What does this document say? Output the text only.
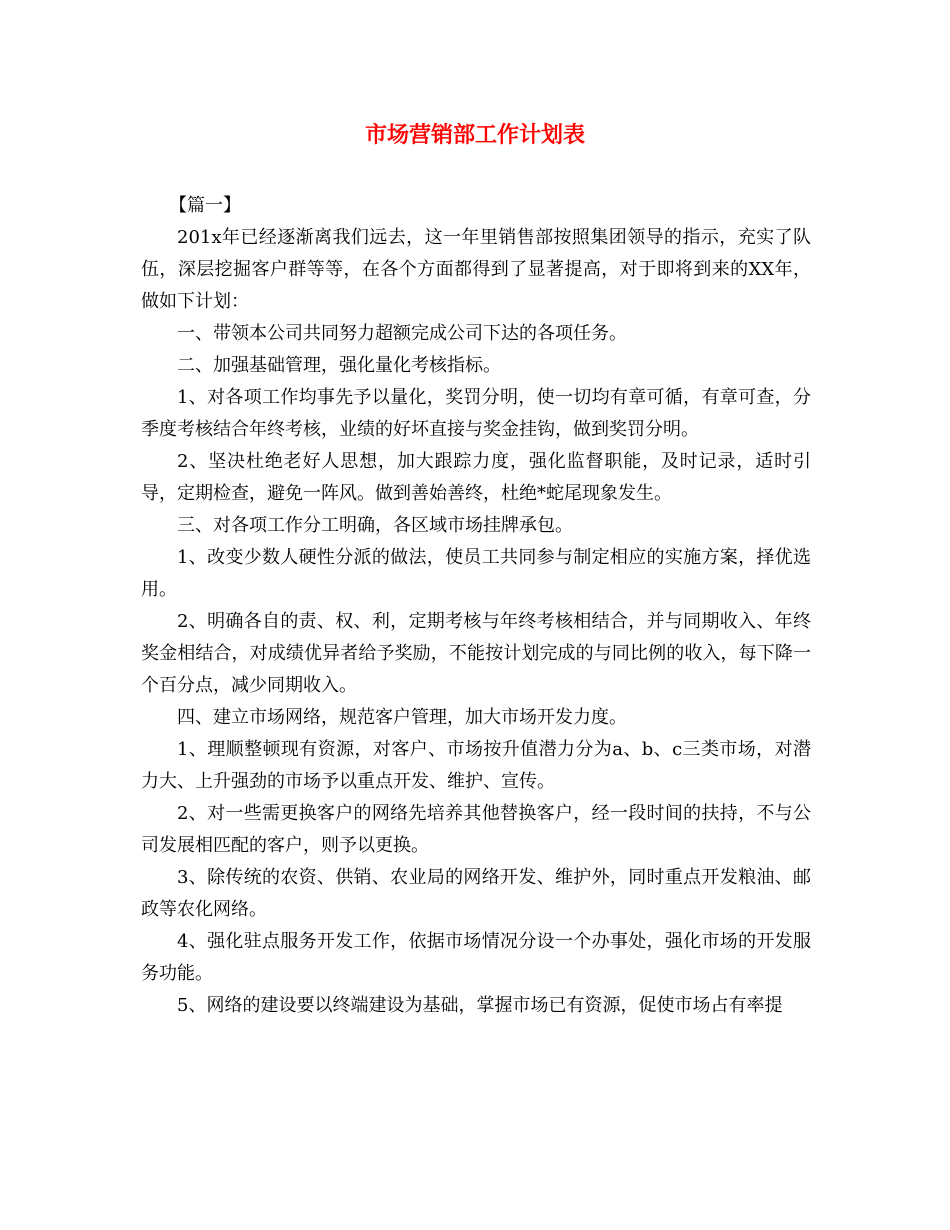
市场营销部工作计划表

【篇一】

201x年已经逐渐离我们远去，这一年里销售部按照集团领导的指示，充实了队伍，深层挖掘客户群等等，在各个方面都得到了显著提高，对于即将到来的XX年，做如下计划：

一、带领本公司共同努力超额完成公司下达的各项任务。

二、加强基础管理，强化量化考核指标。

1、对各项工作均事先予以量化，奖罚分明，使一切均有章可循，有章可查，分季度考核结合年终考核，业绩的好坏直接与奖金挂钩，做到奖罚分明。

2、坚决杜绝老好人思想，加大跟踪力度，强化监督职能，及时记录，适时引导，定期检查，避免一阵风。做到善始善终，杜绝*蛇尾现象发生。

三、对各项工作分工明确，各区域市场挂牌承包。

1、改变少数人硬性分派的做法，使员工共同参与制定相应的实施方案，择优选用。

2、明确各自的责、权、利，定期考核与年终考核相结合，并与同期收入、年终奖金相结合，对成绩优异者给予奖励，不能按计划完成的与同比例的收入，每下降一个百分点，减少同期收入。

四、建立市场网络，规范客户管理，加大市场开发力度。

1、理顺整顿现有资源，对客户、市场按升值潜力分为a、b、c三类市场，对潜力大、上升强劲的市场予以重点开发、维护、宣传。

2、对一些需更换客户的网络先培养其他替换客户，经一段时间的扶持，不与公司发展相匹配的客户，则予以更换。

3、除传统的农资、供销、农业局的网络开发、维护外，同时重点开发粮油、邮政等农化网络。

4、强化驻点服务开发工作，依据市场情况分设一个办事处，强化市场的开发服务功能。

5、网络的建设要以终端建设为基础，掌握市场已有资源，促使市场占有率提
